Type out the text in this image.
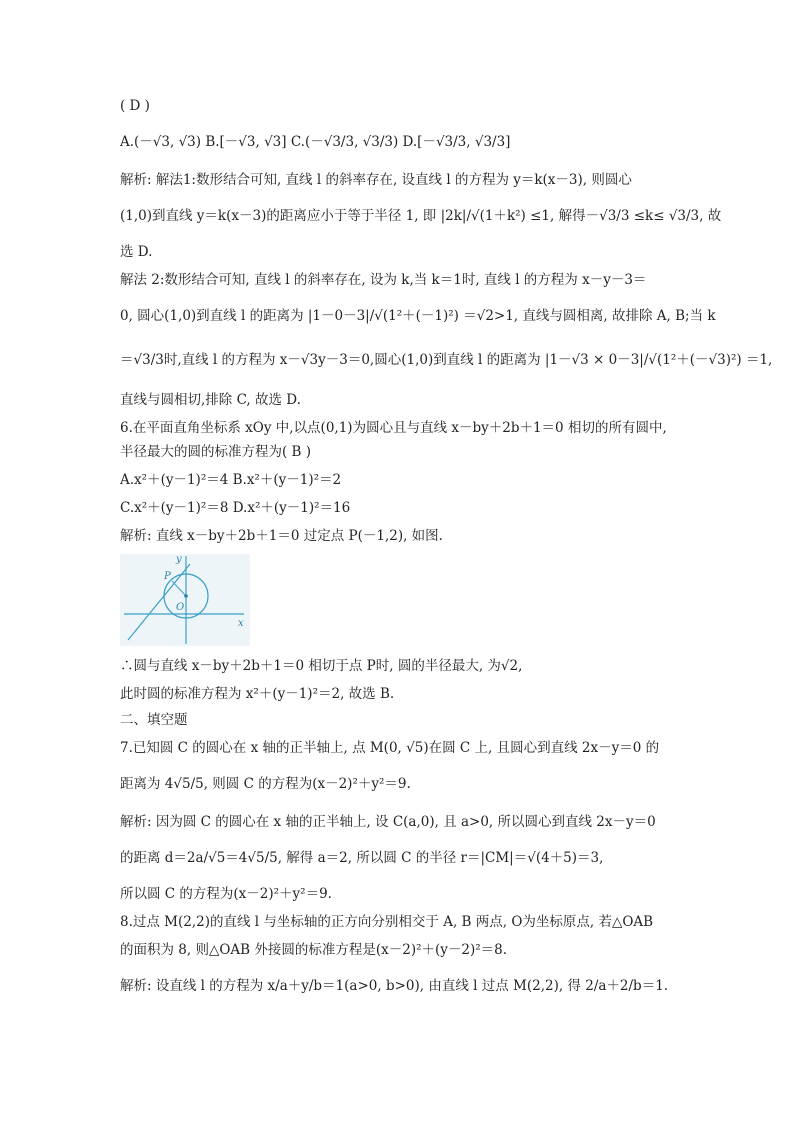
( D )
A.(－√3, √3) B.[－√3, √3] C.(－√3/3, √3/3) D.[－√3/3, √3/3]
解析: 解法1:数形结合可知, 直线 l 的斜率存在, 设直线 l 的方程为 y＝k(x－3), 则圆心
(1,0)到直线 y＝k(x－3)的距离应小于等于半径 1, 即 |2k|/√(1＋k²) ≤1, 解得－√3/3 ≤k≤ √3/3, 故
选 D.
解法 2:数形结合可知, 直线 l 的斜率存在, 设为 k,当 k＝1时, 直线 l 的方程为 x－y－3＝
0, 圆心(1,0)到直线 l 的距离为 |1－0－3|/√(1²＋(－1)²) ＝√2>1, 直线与圆相离, 故排除 A, B;当 k
＝√3/3时,直线 l 的方程为 x－√3y－3＝0,圆心(1,0)到直线 l 的距离为 |1－√3 × 0－3|/√(1²＋(－√3)²) ＝1,
直线与圆相切,排除 C, 故选 D.
6.在平面直角坐标系 xOy 中,以点(0,1)为圆心且与直线 x－by＋2b＋1＝0 相切的所有圆中,
半径最大的圆的标准方程为( B )
A.x²＋(y－1)²＝4 B.x²＋(y－1)²＝2
C.x²＋(y－1)²＝8 D.x²＋(y－1)²＝16
解析: 直线 x－by＋2b＋1＝0 过定点 P(－1,2), 如图.
y
P
O
x
∴圆与直线 x－by＋2b＋1＝0 相切于点 P时, 圆的半径最大, 为√2,
此时圆的标准方程为 x²＋(y－1)²＝2, 故选 B.
二、填空题
7.已知圆 C 的圆心在 x 轴的正半轴上, 点 M(0, √5)在圆 C 上, 且圆心到直线 2x－y＝0 的
距离为 4√5/5, 则圆 C 的方程为(x－2)²＋y²＝9.
解析: 因为圆 C 的圆心在 x 轴的正半轴上, 设 C(a,0), 且 a>0, 所以圆心到直线 2x－y＝0
的距离 d＝2a/√5＝4√5/5, 解得 a＝2, 所以圆 C 的半径 r＝|CM|＝√(4＋5)＝3,
所以圆 C 的方程为(x－2)²＋y²＝9.
8.过点 M(2,2)的直线 l 与坐标轴的正方向分别相交于 A, B 两点, O为坐标原点, 若△OAB
的面积为 8, 则△OAB 外接圆的标准方程是(x－2)²＋(y－2)²＝8.
解析: 设直线 l 的方程为 x/a＋y/b＝1(a>0, b>0), 由直线 l 过点 M(2,2), 得 2/a＋2/b＝1.
